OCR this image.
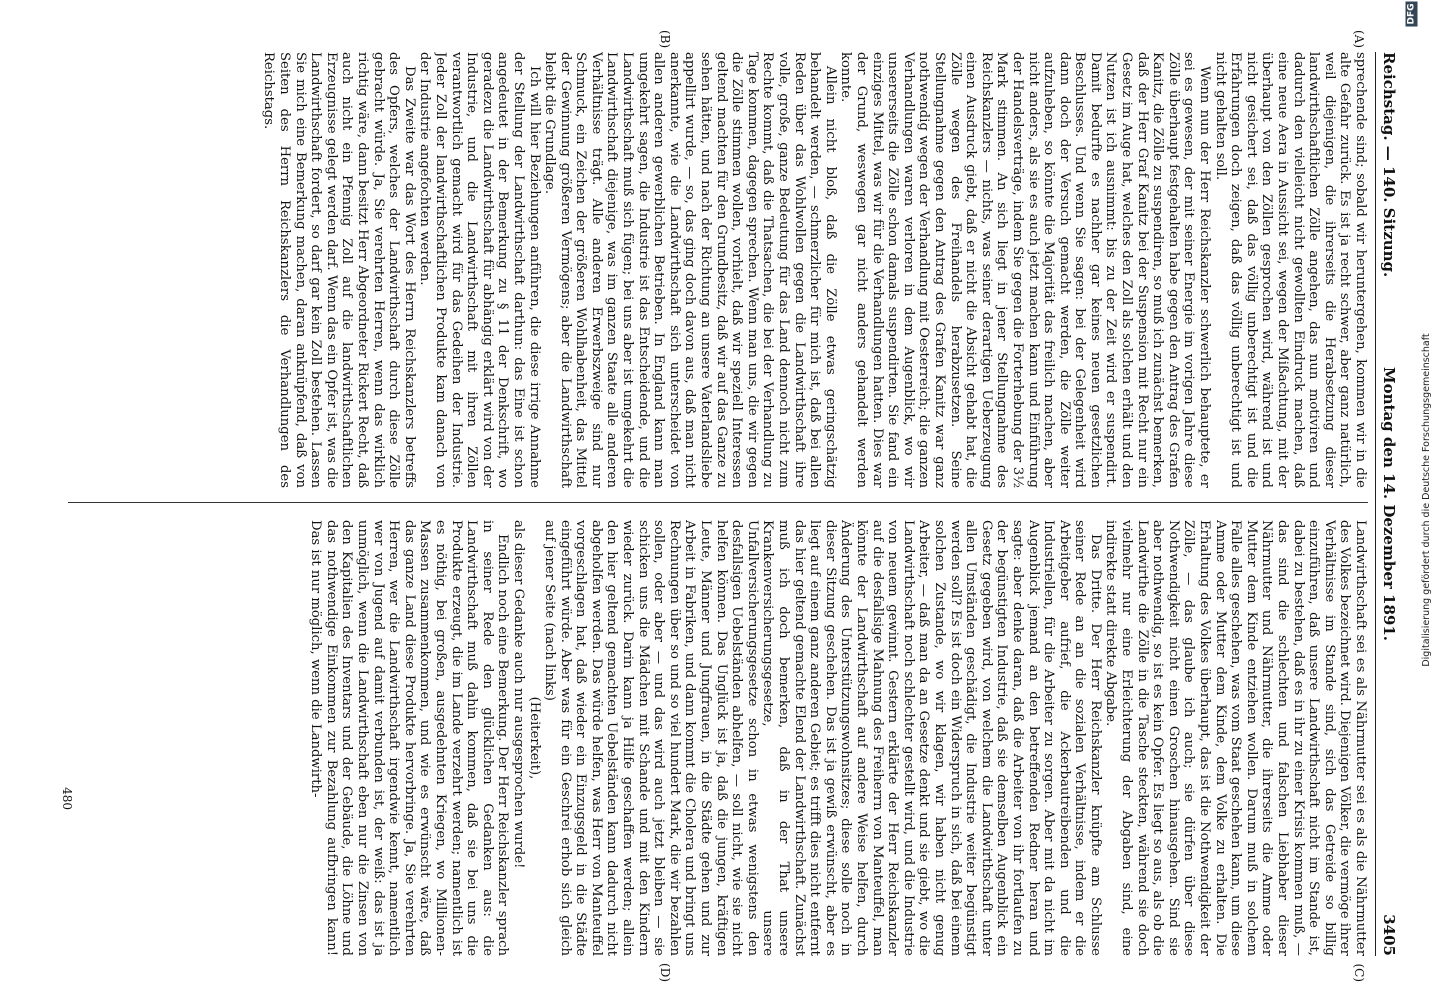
Reichstag. — 140. Sitzung.
Montag den 14. Dezember 1891.
3405
(A)
(B)
(C)
(D)

sprechende sind; sobald wir heruntergehen, kommen wir in die alte Gefahr zurück. Es ist ja recht schwer, aber ganz natürlich, weil diejenigen, die ihrerseits die Herabsetzung dieser landwirthschaftlichen Zölle angehen, das nun motiviren und dadurch den vielleicht nicht gewollten Eindruck machen, daß eine neue Aera in Aussicht sei, wegen der Mißachtung, mit der überhaupt von den Zöllen gesprochen wird, während ist und nicht gesichert sei, daß das völlig unberechtigt ist und die Erfahrungen doch zeigen, daß das völlig unberechtigt ist und nicht gehalten soll.

Wenn nun der Herr Reichskanzler schwerlich behauptete, er sei es gewesen, der mit seiner Energie im vorigen Jahre diese Zölle überhaupt festgehalten habe gegen den Antrag des Grafen Kanitz, die Zölle zu suspendiren, so muß ich zunächst bemerken, daß der Herr Graf Kanitz bei der Suspension mit Recht nur ein Gesetz im Auge hat, welches den Zoll als solchen erhält und den Nutzen ist ich ausnimmt: bis zu der Zeit wird er suspendirt. Damit bedurfte es nachher gar keines neuen gesetzlichen Beschlusses. Und wenn Sie sagen: bei der Gelegenheit wird dann doch der Versuch gemacht werden, die Zölle weiter aufzuheben, so könnte die Majorität das freilich machen, aber nicht anders, als sie es auch jetzt machen kann und Einführung der Handelsverträge, indem Sie gegen die Forterhebung der 3½ Mark stimmen. An sich liegt in jener Stellungnahme des Reichskanzlers — nichts, was seiner derartigen Ueberzeugung einen Ausdruck giebt, daß er nicht die Absicht gehabt hat, die Zölle wegen des Freihandels herabzusetzen. Seine Stellungnahme gegen den Antrag des Grafen Kanitz war ganz nothwendig wegen der Verhandlung mit Oesterreich; die ganzen Verhandlungen waren verloren in dem Augenblick, wo wir unsererseits die Zölle schon damals suspendirten. Sie fand ein einziges Mittel, was wir für die Verhandlungen hatten. Dies war der Grund, weswegen gar nicht anders gehandelt werden konnte.

Allein nicht bloß, daß die Zölle etwas geringschätzig behandelt werden, — schmerzlicher für mich ist, daß bei allen Reden über das Wohlwollen gegen die Landwirthschaft ihre volle, große, ganze Bedeutung für das Land dennoch nicht zum Rechte kommt, daß die Thatsachen, die bei der Verhandlung zu Tage kommen, dagegen sprechen. Wenn man uns, die wir gegen die Zölle stimmen wollen, vorhielt, daß wir speziell Interessen geltend machten für den Grundbesitz, daß wir auf das Ganze zu sehen hätten, und nach der Richtung an unsere Vaterlandsliebe appellirt wurde, — so, das ging doch davon aus, daß man nicht anerkannte, wie die Landwirthschaft sich unterscheidet von allen anderen gewerblichen Betrieben. In England kann man umgekehrt sagen, die Industrie ist das Entscheidende, und die Landwirthschaft muß sich fügen; bei uns aber ist umgekehrt die Landwirthschaft diejenige, was im ganzen Staate alle anderen Verhältnisse trägt. Alle anderen Erwerbszweige sind nur Schmuck, ein Zeichen der größeren Wohlhabenheit, das Mittel der Gewinnung größeren Vermögens; aber die Landwirthschaft bleibt die Grundlage.

Ich will hier Beziehungen anführen, die diese irrige Annahme der Stellung der Landwirthschaft darthun: das Eine ist schon angedeutet in der Bemerkung zu § 11 der Denkschrift, wo geradezu die Landwirthschaft für abhängig erklärt wird von der Industrie, und die Landwirthschaft mit ihren Zöllen verantwortlich gemacht wird für das Gedeihen der Industrie. Jeder Zoll der landwirthschaftlichen Produkte kam danach von der Industrie angefochten werden.

Das Zweite war das Wort des Herrn Reichskanzlers betreffs des Opfers, welches der Landwirthschaft durch diese Zölle gebracht würde. Ja, Sie verehrten Herren, wenn das wirklich richtig wäre, dann besitzt Herr Abgeordneter Rickert Recht, daß auch nicht ein Pfennig Zoll auf die landwirthschaftlichen Erzeugnisse gelegt werden darf. Wenn das ein Opfer ist, was die Landwirthschaft fordert, so darf gar kein Zoll bestehen. Lassen Sie mich eine Bemerkung machen, daran anknüpfend, daß von Seiten des Herrn Reichskanzlers die Verhandlungen des Reichstags.

Landwirthschaft sei es als Nährmutter sei es als die Nährmutter des Volkes bezeichnet wird. Diejenigen Völker, die vermöge ihrer Verhältnisse im Stande sind, sich das Getreide so billig einzuführen, daß unsere Landwirthschaft nicht im Stande ist, dabei zu bestehen, daß es in ihr zu einer Krisis kommen muß, — das sind die schlechten und falschen Liebhaber dieser Nährmutter und Nährmutter, die ihrerseits die Amme oder Mutter dem Kinde entziehen wollen. Darum muß in solchem Falle alles geschehen, was vom Staat geschehen kann, um diese Amme oder Mutter dem Kinde, dem Volke zu erhalten. Die Erhaltung des Volkes überhaupt, das ist die Nothwendigkeit der Zölle, — das glaube ich auch; sie dürfen über diese Nothwendigkeit nicht einen Groschen hinausgehen. Sind sie aber nothwendig, so ist es kein Opfer. Es liegt so aus, als ob die Landwirthe die Zölle in die Tasche steckten, während sie doch vielmehr nur eine Erleichterung der Abgaben sind, eine indirekte statt direkte Abgabe.

Das Dritte. Der Herr Reichskanzler knüpfte am Schlusse seiner Rede an an die sozialen Verhältnisse, indem er die Arbeitgeber aufrief, die Ackerbautreibenden und die Industriellen, für die Arbeiter zu sorgen. Aber mit da nicht im Augenblick jemand an den betreffenden Redner heran und sagte: aber denke daran, daß die Arbeiter von ihr fortlaufen zu der begünstigten Industrie, daß sie demselben Augenblick ein Gesetz gegeben wird, von welchem die Landwirthschaft unter allen Umständen geschädigt, die Industrie weiter begünstigt werden soll? Es ist doch ein Widerspruch in sich, daß bei einem solchen Zustande, wo wir klagen, wir haben nicht genug Arbeiter, — daß man da an Gesetze denkt und sie giebt, wo die Landwirthschaft noch schlechter gestellt wird, und die Industrie von neuem gewinnt. Gestern erklärte der Herr Reichskanzler auf die desfallsige Mahnung des Freiherrn von Manteuffel, man könnte der Landwirthschaft auf andere Weise helfen, durch Änderung des Unterstützungswohnsitzes; diese solle noch in dieser Sitzung geschehen. Das ist ja gewiß erwünscht, aber es liegt auf einem ganz anderen Gebiet; es trifft dies nicht entfernt das hier geltend gemachte Elend der Landwirthschaft. Zunächst muß ich doch bemerken, daß in der That unsere Krankenversicherungsgesetze, unsere Unfallversicherungsgesetze schon in etwas wenigstens den desfallsigen Uebelständen abhelfen, — soll nicht, wie sie nicht helfen können. Das Unglück ist ja, daß die jungen, kräftigen Leute, Männer und Jungfrauen, in die Städte gehen und zur Arbeit in Fabriken, und dann kommt die Cholera und bringt uns Rechnungen über so und so viel hundert Mark, die wir bezahlen sollen, oder aber — und das wird auch jetzt bleiben — sie schicken uns die Mädchen mit Schande und mit den Kindern wieder zurück. Darin kann ja Hilfe geschaffen werden; allein den hier geltend gemachten Uebelständen kann dadurch nicht abgeholfen werden. Das würde helfen, was Herr von Manteuffel vorgeschlagen hat, daß wieder ein Einzugsgeld in die Städte eingeführt würde. Aber was für ein Geschrei erhob sich gleich auf jener Seite (nach links)

(Heiterkeit),

als dieser Gedanke auch nur ausgesprochen wurde!

Endlich noch eine Bemerkung. Der Herr Reichskanzler sprach in seiner Rede den glücklichen Gedanken aus: die Landwirthschaft muß dahin kommen, daß sie bei uns die Produkte erzeugt, die im Lande verzehrt werden; namentlich ist es nöthig, bei großen, ausgedehnten Kriegen, wo Millionen-Massen zusammenkommen, und wie es erwünscht wäre, daß das ganze Land diese Produkte hervorbringe. Ja, Sie verehrten Herren, wer die Landwirthschaft irgendwie kennt, namentlich wer von Jugend auf damit verbunden ist, der weiß: das ist ja unmöglich, wenn die Landwirthschaft eben nur die Zinsen von den Kapitalien des Inventars und der Gebäude, die Löhne und das nothwendige Einkommen zur Bezahlung aufbringen kann! Das ist nur möglich, wenn die Landwirth-

480
DFG
Digitalisierung gefördert durch die Deutsche Forschungsgemeinschaft
